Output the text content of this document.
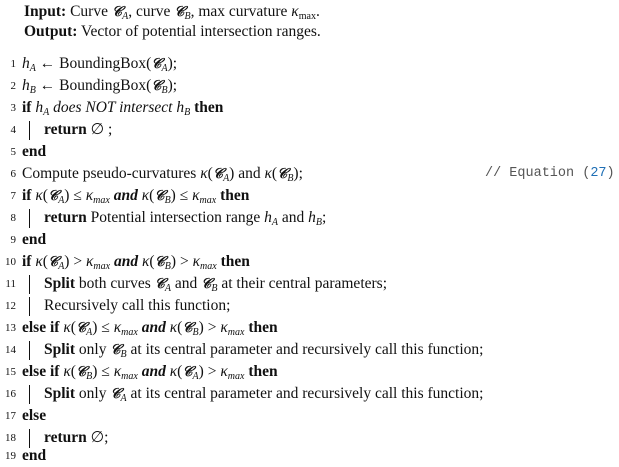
Input: Curve 𝒞$_A$, curve 𝒞$_B$, max curvature $\kappa_{max}$.
Output: Vector of potential intersection ranges.
1 $h_A$ ← BoundingBox(𝒞$_A$);
2 $h_B$ ← BoundingBox(𝒞$_B$);
3 if $h_A$ does NOT intersect $h_B$ then
4 return ∅ ;
5 end
6 Compute pseudo-curvatures κ(𝒞$_A$) and κ(𝒞$_B$);	// Equation (27)
7 if κ(𝒞$_A$) ≤ $\kappa_{max}$ and κ(𝒞$_B$) ≤ $\kappa_{max}$ then
8 return Potential intersection range $h_A$ and $h_B$;
9 end
10 if κ(𝒞$_A$) > $\kappa_{max}$ and κ(𝒞$_B$) > $\kappa_{max}$ then
11 Split both curves 𝒞$_A$ and 𝒞$_B$ at their central parameters;
12 Recursively call this function;
13 else if κ(𝒞$_A$) ≤ $\kappa_{max}$ and κ(𝒞$_B$) > $\kappa_{max}$ then
14 Split only 𝒞$_B$ at its central parameter and recursively call this function;
15 else if κ(𝒞$_B$) ≤ $\kappa_{max}$ and κ(𝒞$_A$) > $\kappa_{max}$ then
16 Split only 𝒞$_A$ at its central parameter and recursively call this function;
17 else
18 return ∅;
19 end
